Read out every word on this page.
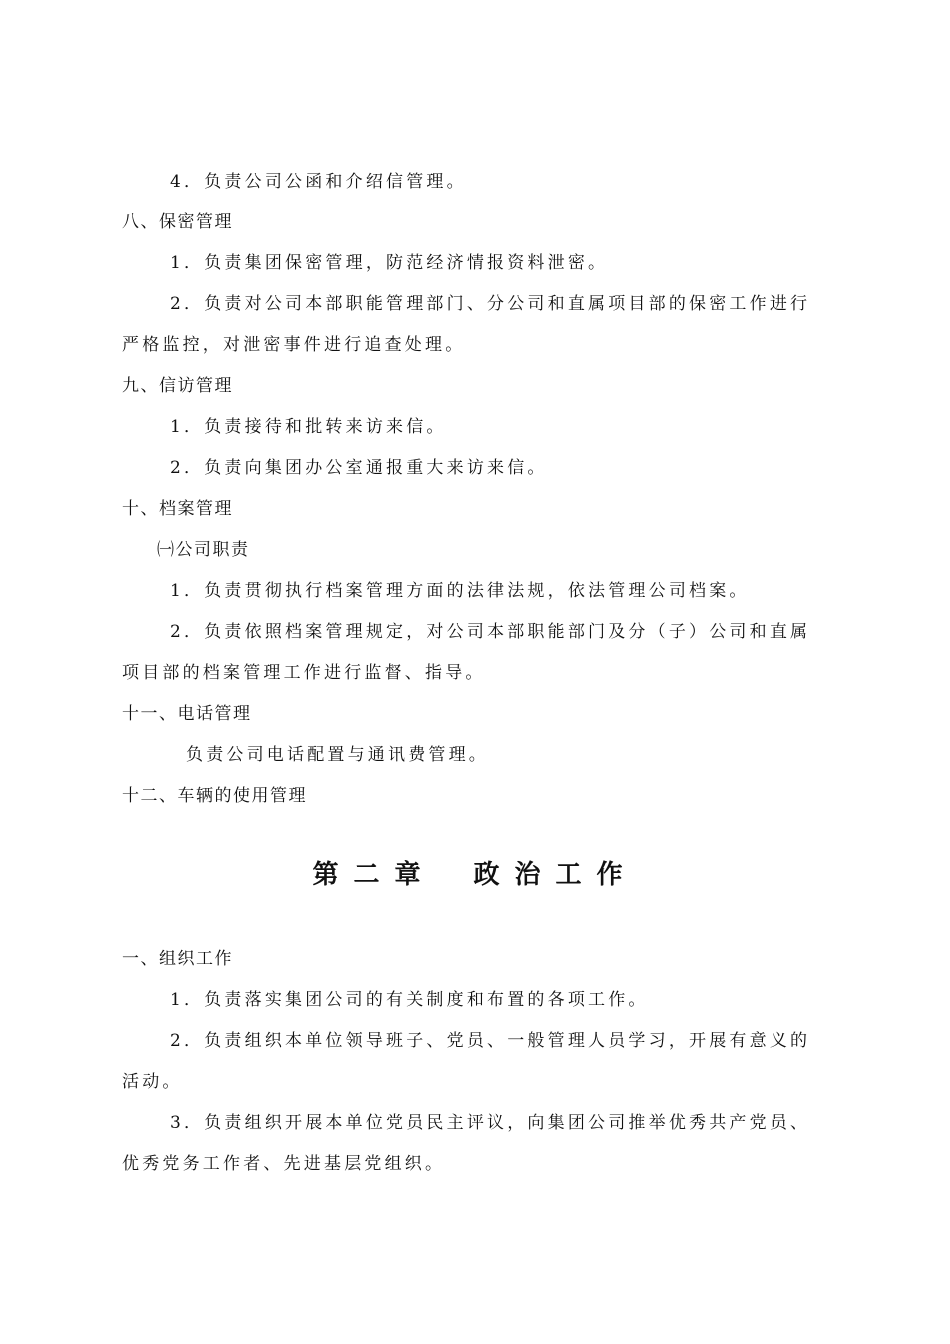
4．负责公司公函和介绍信管理。
八、保密管理
1．负责集团保密管理，防范经济情报资料泄密。
2．负责对公司本部职能管理部门、分公司和直属项目部的保密工作进行
严格监控，对泄密事件进行追查处理。
九、信访管理
1．负责接待和批转来访来信。
2．负责向集团办公室通报重大来访来信。
十、档案管理
㈠公司职责
1．负责贯彻执行档案管理方面的法律法规，依法管理公司档案。
2．负责依照档案管理规定，对公司本部职能部门及分（子）公司和直属
项目部的档案管理工作进行监督、指导。
十一、电话管理
负责公司电话配置与通讯费管理。
十二、车辆的使用管理
第二章 政治工作
一、组织工作
1．负责落实集团公司的有关制度和布置的各项工作。
2．负责组织本单位领导班子、党员、一般管理人员学习，开展有意义的
活动。
3．负责组织开展本单位党员民主评议，向集团公司推举优秀共产党员、
优秀党务工作者、先进基层党组织。
